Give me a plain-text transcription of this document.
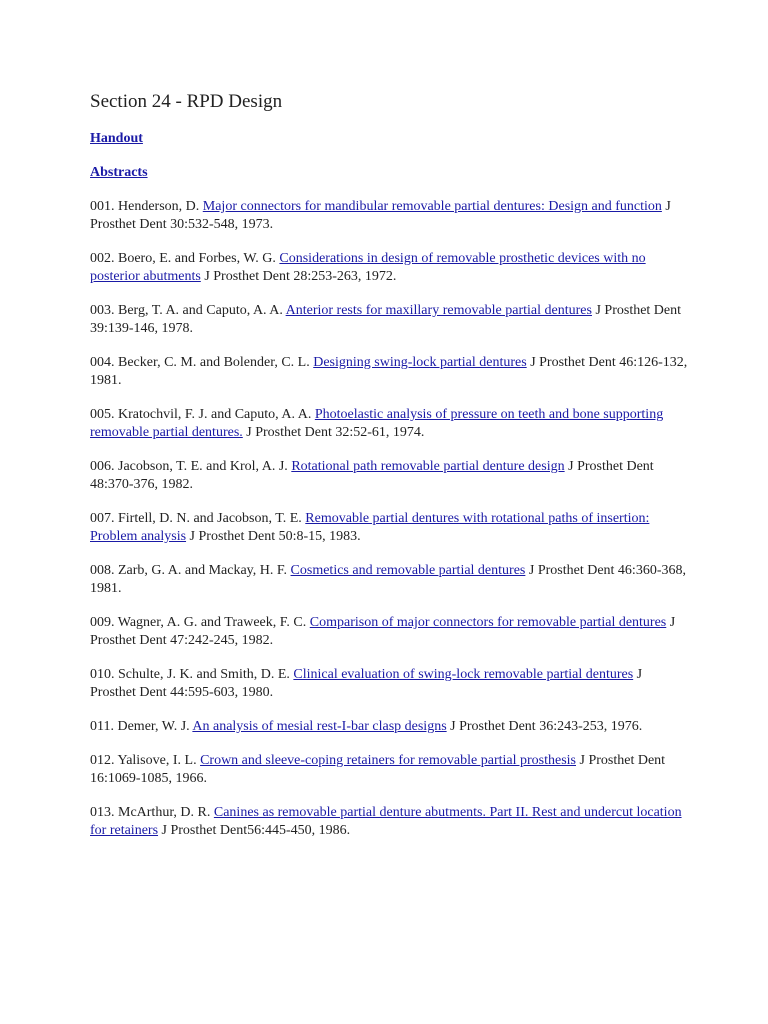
Section 24 - RPD Design
Handout
Abstracts

001. Henderson, D. Major connectors for mandibular removable partial dentures: Design and function J Prosthet Dent 30:532-548, 1973.

002. Boero, E. and Forbes, W. G. Considerations in design of removable prosthetic devices with no posterior abutments J Prosthet Dent 28:253-263, 1972.

003. Berg, T. A. and Caputo, A. A. Anterior rests for maxillary removable partial dentures J Prosthet Dent 39:139-146, 1978.

004. Becker, C. M. and Bolender, C. L. Designing swing-lock partial dentures J Prosthet Dent 46:126-132, 1981.

005. Kratochvil, F. J. and Caputo, A. A. Photoelastic analysis of pressure on teeth and bone supporting removable partial dentures. J Prosthet Dent 32:52-61, 1974.

006. Jacobson, T. E. and Krol, A. J. Rotational path removable partial denture design J Prosthet Dent 48:370-376, 1982.

007. Firtell, D. N. and Jacobson, T. E. Removable partial dentures with rotational paths of insertion: Problem analysis J Prosthet Dent 50:8-15, 1983.

008. Zarb, G. A. and Mackay, H. F. Cosmetics and removable partial dentures J Prosthet Dent 46:360-368, 1981.

009. Wagner, A. G. and Traweek, F. C. Comparison of major connectors for removable partial dentures J Prosthet Dent 47:242-245, 1982.

010. Schulte, J. K. and Smith, D. E. Clinical evaluation of swing-lock removable partial dentures J Prosthet Dent 44:595-603, 1980.

011. Demer, W. J. An analysis of mesial rest-I-bar clasp designs J Prosthet Dent 36:243-253, 1976.

012. Yalisove, I. L. Crown and sleeve-coping retainers for removable partial prosthesis J Prosthet Dent 16:1069-1085, 1966.

013. McArthur, D. R. Canines as removable partial denture abutments. Part II. Rest and undercut location for retainers J Prosthet Dent56:445-450, 1986.
